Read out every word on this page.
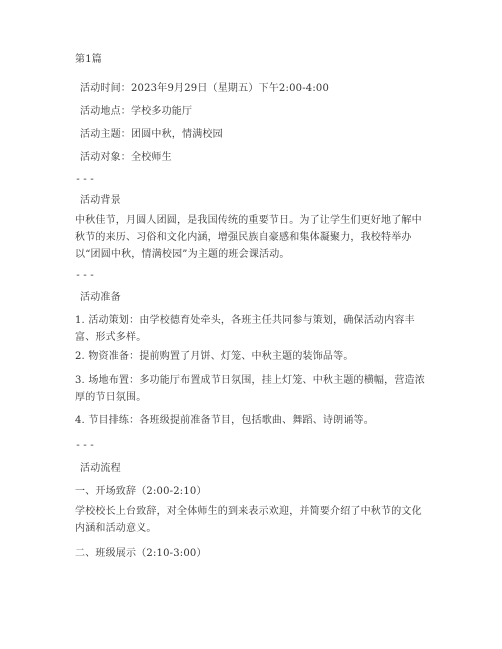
第1篇
活动时间：2023年9月29日（星期五）下午2:00-4:00
活动地点：学校多功能厅
活动主题：团圆中秋，情满校园
活动对象：全校师生
---
活动背景
中秋佳节，月圆人团圆，是我国传统的重要节日。为了让学生们更好地了解中秋节的来历、习俗和文化内涵，增强民族自豪感和集体凝聚力，我校特举办以“团圆中秋，情满校园”为主题的班会课活动。
---
活动准备
1. 活动策划：由学校德育处牵头，各班主任共同参与策划，确保活动内容丰富、形式多样。
2. 物资准备：提前购置了月饼、灯笼、中秋主题的装饰品等。
3. 场地布置：多功能厅布置成节日氛围，挂上灯笼、中秋主题的横幅，营造浓厚的节日氛围。
4. 节目排练：各班级提前准备节目，包括歌曲、舞蹈、诗朗诵等。
---
活动流程
一、开场致辞（2:00-2:10）
学校校长上台致辞，对全体师生的到来表示欢迎，并简要介绍了中秋节的文化内涵和活动意义。
二、班级展示（2:10-3:00）
